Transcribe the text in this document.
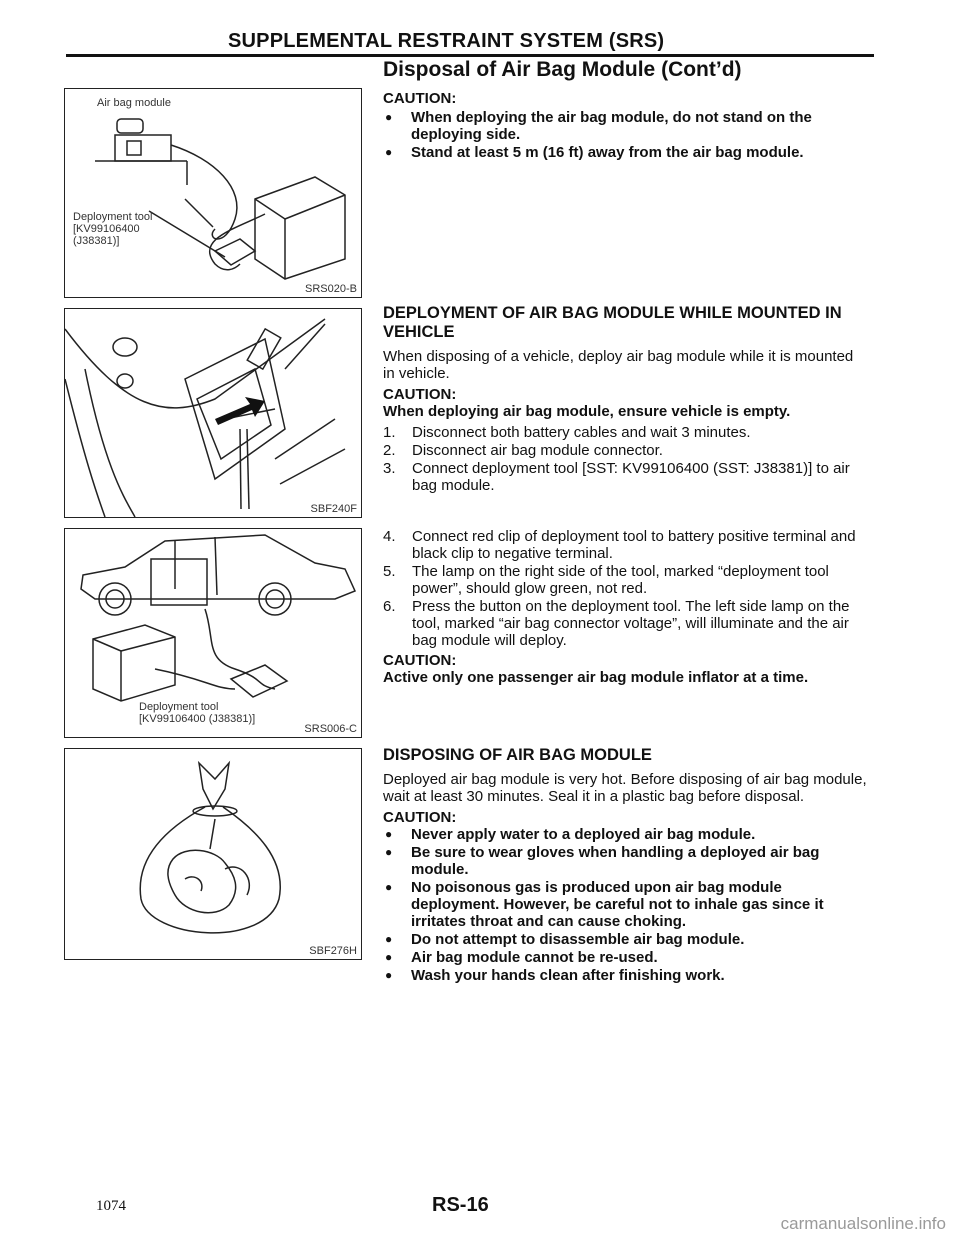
SUPPLEMENTAL RESTRAINT SYSTEM (SRS)
Disposal of Air Bag Module (Cont’d)
Air bag module
Deployment tool
[KV99106400
(J38381)]
SRS020-B
SBF240F
Deployment tool
[KV99106400 (J38381)]
SRS006-C
SBF276H
CAUTION:
● When deploying the air bag module, do not stand on the deploying side.
● Stand at least 5 m (16 ft) away from the air bag module.
DEPLOYMENT OF AIR BAG MODULE WHILE MOUNTED IN VEHICLE
When disposing of a vehicle, deploy air bag module while it is mounted in vehicle.
CAUTION:
When deploying air bag module, ensure vehicle is empty.
1. Disconnect both battery cables and wait 3 minutes.
2. Disconnect air bag module connector.
3. Connect deployment tool [SST: KV99106400 (SST: J38381)] to air bag module.
4. Connect red clip of deployment tool to battery positive terminal and black clip to negative terminal.
5. The lamp on the right side of the tool, marked “deployment tool power”, should glow green, not red.
6. Press the button on the deployment tool. The left side lamp on the tool, marked “air bag connector voltage”, will illuminate and the air bag module will deploy.
CAUTION:
Active only one passenger air bag module inflator at a time.
DISPOSING OF AIR BAG MODULE
Deployed air bag module is very hot. Before disposing of air bag module, wait at least 30 minutes. Seal it in a plastic bag before disposal.
CAUTION:
● Never apply water to a deployed air bag module.
● Be sure to wear gloves when handling a deployed air bag module.
● No poisonous gas is produced upon air bag module deployment. However, be careful not to inhale gas since it irritates throat and can cause choking.
● Do not attempt to disassemble air bag module.
● Air bag module cannot be re-used.
● Wash your hands clean after finishing work.
1074	RS-16
carmanualsonline.info
